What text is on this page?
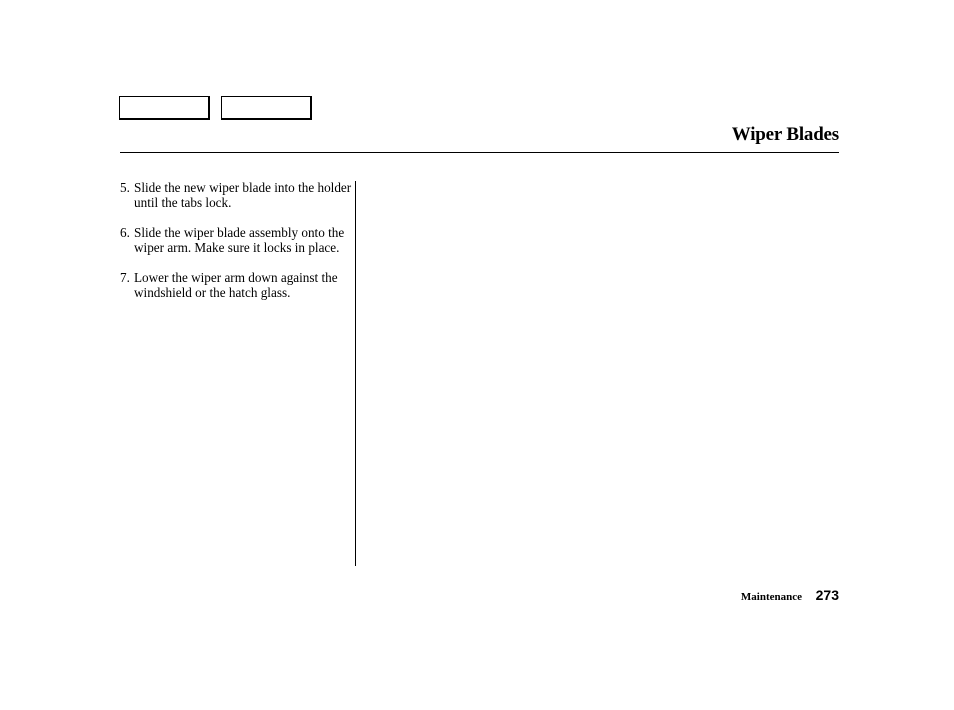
Wiper Blades
5. Slide the new wiper blade into the holder until the tabs lock.
6. Slide the wiper blade assembly onto the wiper arm. Make sure it locks in place.
7. Lower the wiper arm down against the windshield or the hatch glass.
Maintenance 273
